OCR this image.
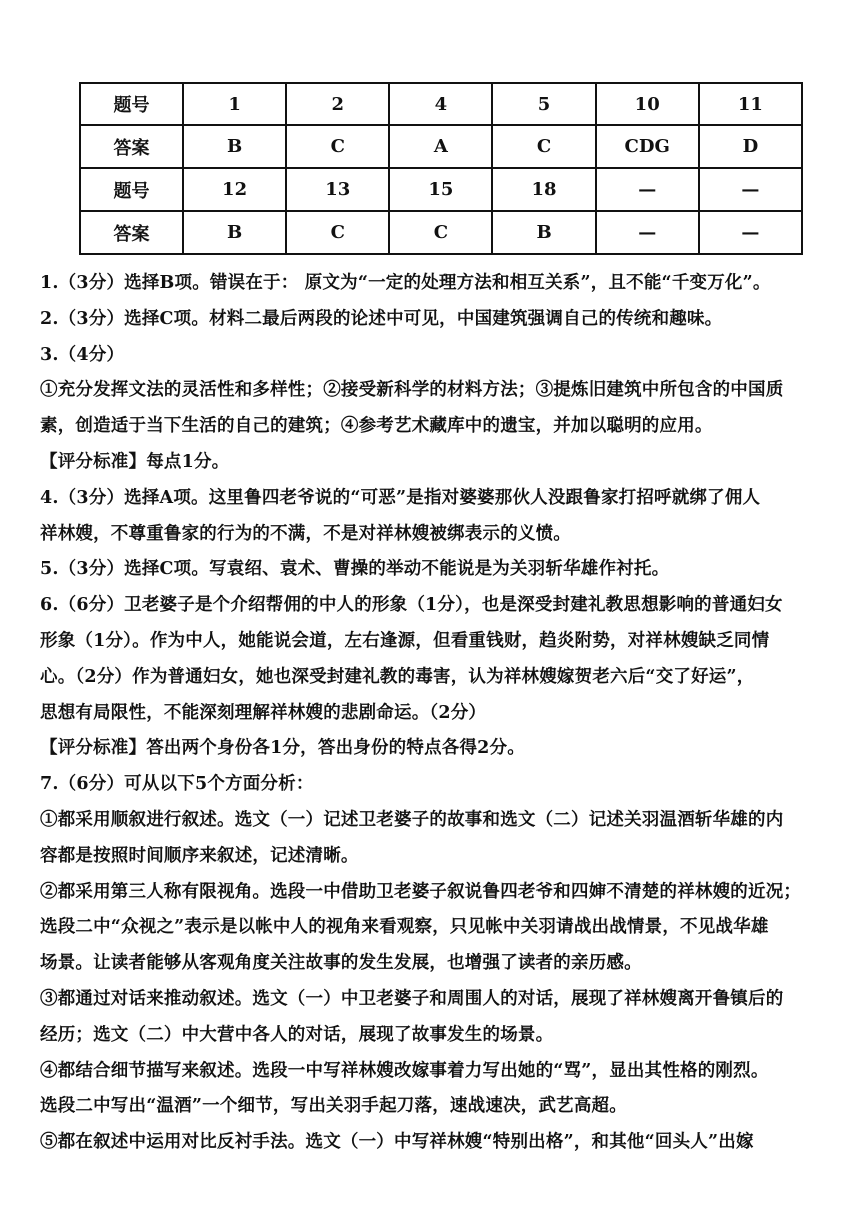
题号	1	2	4	5	10	11
答案	B	C	A	C	CDG	D
题号	12	13	15	18	—	—
答案	B	C	C	B	—	—

1.（3分）选择B项。错误在于： 原文为“一定的处理方法和相互关系”，且不能“千变万化”。

2.（3分）选择C项。材料二最后两段的论述中可见，中国建筑强调自己的传统和趣味。

3.（4分）

①充分发挥文法的灵活性和多样性；②接受新科学的材料方法；③提炼旧建筑中所包含的中国质

素，创造适于当下生活的自己的建筑；④参考艺术藏库中的遗宝，并加以聪明的应用。

【评分标准】每点1分。

4.（3分）选择A项。这里鲁四老爷说的“可恶”是指对婆婆那伙人没跟鲁家打招呼就绑了佣人

祥林嫂，不尊重鲁家的行为的不满，不是对祥林嫂被绑表示的义愤。

5.（3分）选择C项。写袁绍、袁术、曹操的举动不能说是为关羽斩华雄作衬托。

6.（6分）卫老婆子是个介绍帮佣的中人的形象（1分），也是深受封建礼教思想影响的普通妇女

形象（1分）。作为中人，她能说会道，左右逢源，但看重钱财，趋炎附势，对祥林嫂缺乏同情

心。（2分）作为普通妇女，她也深受封建礼教的毒害，认为祥林嫂嫁贺老六后“交了好运”，

思想有局限性，不能深刻理解祥林嫂的悲剧命运。（2分）

【评分标准】答出两个身份各1分，答出身份的特点各得2分。

7.（6分）可从以下5个方面分析：

①都采用顺叙进行叙述。选文（一）记述卫老婆子的故事和选文（二）记述关羽温酒斩华雄的内

容都是按照时间顺序来叙述，记述清晰。

②都采用第三人称有限视角。选段一中借助卫老婆子叙说鲁四老爷和四婶不清楚的祥林嫂的近况；

选段二中“众视之”表示是以帐中人的视角来看观察，只见帐中关羽请战出战情景，不见战华雄

场景。让读者能够从客观角度关注故事的发生发展，也增强了读者的亲历感。

③都通过对话来推动叙述。选文（一）中卫老婆子和周围人的对话，展现了祥林嫂离开鲁镇后的

经历；选文（二）中大营中各人的对话，展现了故事发生的场景。

④都结合细节描写来叙述。选段一中写祥林嫂改嫁事着力写出她的“骂”，显出其性格的刚烈。

选段二中写出“温酒”一个细节，写出关羽手起刀落，速战速决，武艺高超。

⑤都在叙述中运用对比反衬手法。选文（一）中写祥林嫂“特别出格”，和其他“回头人”出嫁
